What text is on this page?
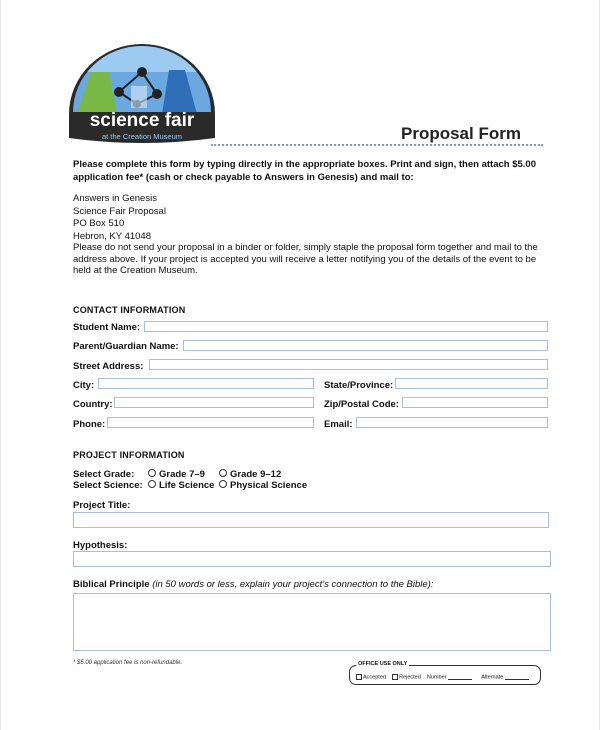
science fair
at the Creation Museum	Proposal Form
Please complete this form by typing directly in the appropriate boxes. Print and sign, then attach $5.00 application fee* (cash or check payable to Answers in Genesis) and mail to:
Answers in Genesis
Science Fair Proposal
PO Box 510
Hebron, KY 41048
Please do not send your proposal in a binder or folder, simply staple the proposal form together and mail to the address above. If your project is accepted you will receive a letter notifying you of the details of the event to be held at the Creation Museum.
CONTACT INFORMATION
Student Name:
Parent/Guardian Name:
Street Address:
City:	State/Province:
Country:	Zip/Postal Code:
Phone:	Email:
PROJECT INFORMATION
Select Grade:	Grade 7–9	Grade 9–12
Select Science:	Life Science	Physical Science
Project Title:
Hypothesis:
Biblical Principle (in 50 words or less, explain your project’s connection to the Bible):
* $5.00 application fee is non-refundable.	OFFICE USE ONLY
Accepted Rejected Number	Alternate
